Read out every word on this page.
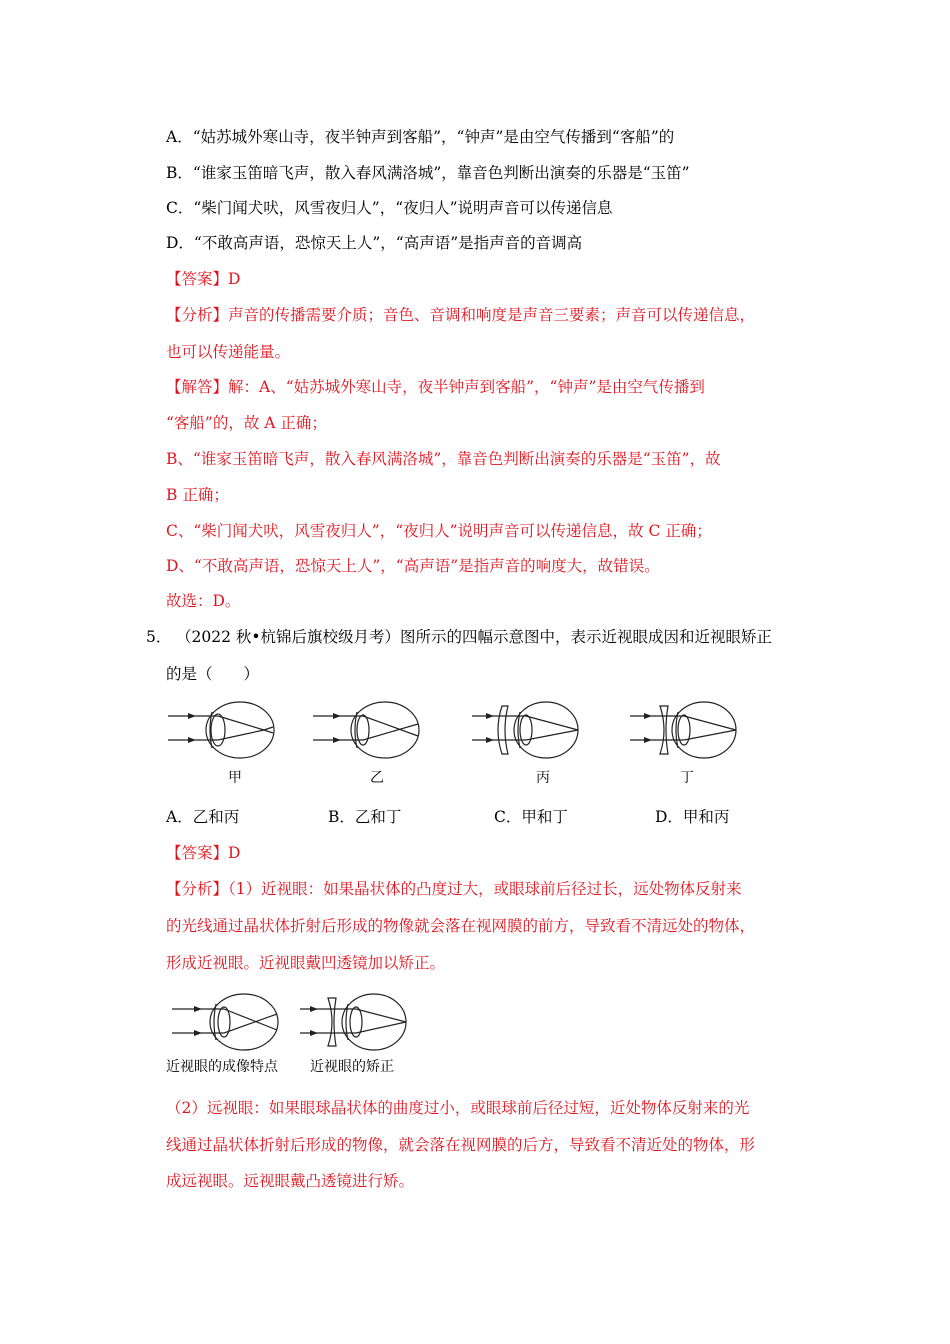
A．“姑苏城外寒山寺，夜半钟声到客船”，“钟声”是由空气传播到“客船”的
B．“谁家玉笛暗飞声，散入春风满洛城”，靠音色判断出演奏的乐器是“玉笛”
C．“柴门闻犬吠，风雪夜归人”，“夜归人”说明声音可以传递信息
D．“不敢高声语，恐惊天上人”，“高声语”是指声音的音调高
【答案】D
【分析】声音的传播需要介质；音色、音调和响度是声音三要素；声音可以传递信息，
也可以传递能量。
【解答】解：A、“姑苏城外寒山寺，夜半钟声到客船”，“钟声”是由空气传播到
“客船”的，故 A 正确；
B、“谁家玉笛暗飞声，散入春风满洛城”，靠音色判断出演奏的乐器是“玉笛”，故
B 正确；
C、“柴门闻犬吠，风雪夜归人”，“夜归人”说明声音可以传递信息，故 C 正确；
D、“不敢高声语，恐惊天上人”，“高声语”是指声音的响度大，故错误。
故选：D。
5． （2022 秋•杭锦后旗校级月考）图所示的四幅示意图中，表示近视眼成因和近视眼矫正
的是（　　）
甲	乙	丙	丁
A．乙和丙	B．乙和丁	C．甲和丁	D．甲和丙
【答案】D
【分析】（1）近视眼：如果晶状体的凸度过大，或眼球前后径过长，远处物体反射来
的光线通过晶状体折射后形成的物像就会落在视网膜的前方，导致看不清远处的物体，
形成近视眼。近视眼戴凹透镜加以矫正。
近视眼的成像特点 近视眼的矫正
（2）远视眼：如果眼球晶状体的曲度过小，或眼球前后径过短，近处物体反射来的光
线通过晶状体折射后形成的物像，就会落在视网膜的后方，导致看不清近处的物体，形
成远视眼。远视眼戴凸透镜进行矫。
